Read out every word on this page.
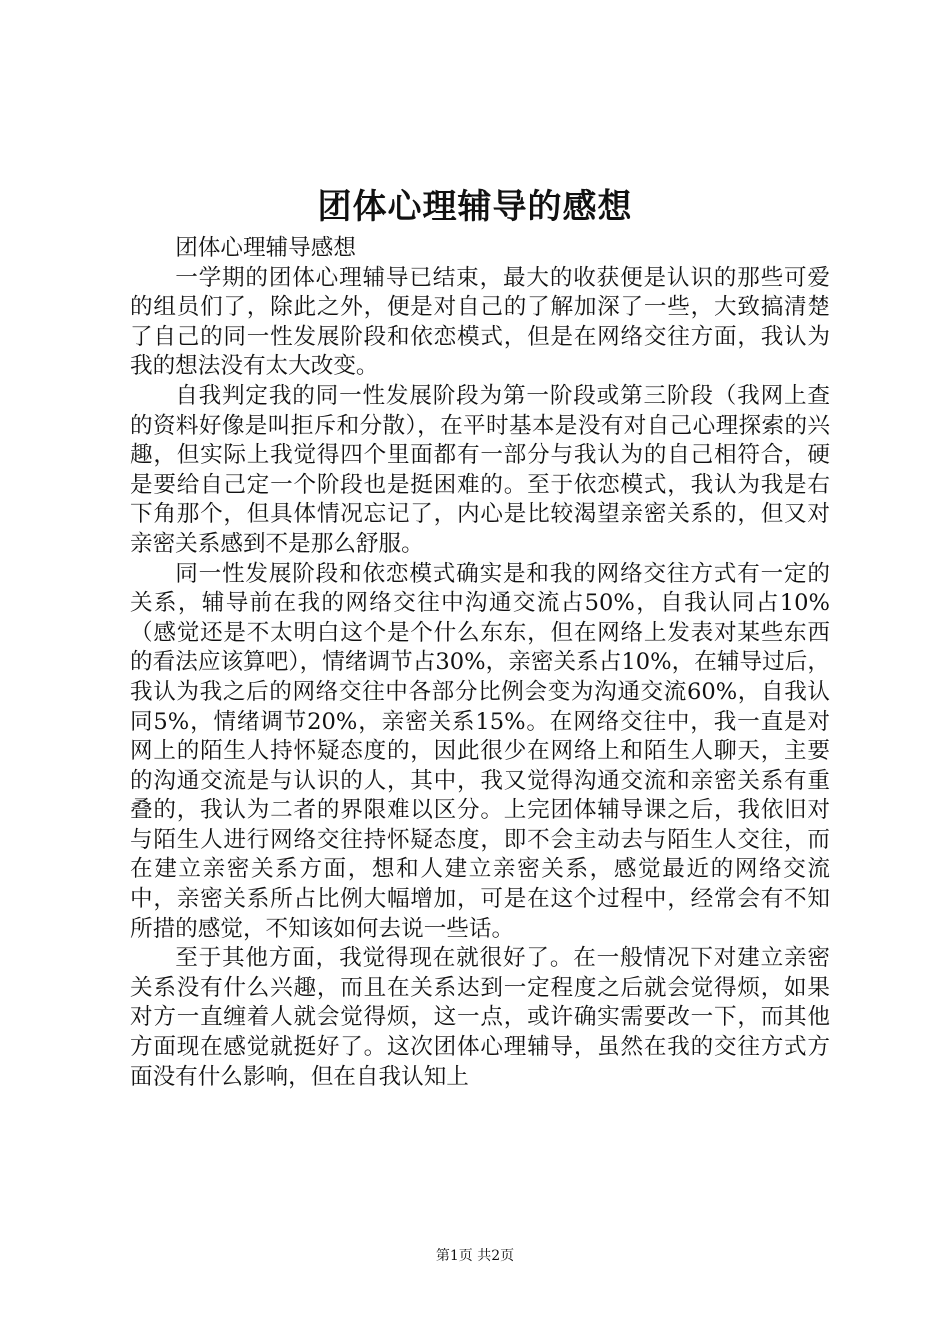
团体心理辅导的感想

团体心理辅导感想

一学期的团体心理辅导已结束，最大的收获便是认识的那些可爱的组员们了，除此之外，便是对自己的了解加深了一些，大致搞清楚了自己的同一性发展阶段和依恋模式，但是在网络交往方面，我认为我的想法没有太大改变。

自我判定我的同一性发展阶段为第一阶段或第三阶段（我网上查的资料好像是叫拒斥和分散），在平时基本是没有对自己心理探索的兴趣，但实际上我觉得四个里面都有一部分与我认为的自己相符合，硬是要给自己定一个阶段也是挺困难的。至于依恋模式，我认为我是右下角那个，但具体情况忘记了，内心是比较渴望亲密关系的，但又对亲密关系感到不是那么舒服。

同一性发展阶段和依恋模式确实是和我的网络交往方式有一定的关系，辅导前在我的网络交往中沟通交流占50%，自我认同占10%（感觉还是不太明白这个是个什么东东，但在网络上发表对某些东西的看法应该算吧），情绪调节占30%，亲密关系占10%，在辅导过后，我认为我之后的网络交往中各部分比例会变为沟通交流60%，自我认同5%，情绪调节20%，亲密关系15%。在网络交往中，我一直是对网上的陌生人持怀疑态度的，因此很少在网络上和陌生人聊天，主要的沟通交流是与认识的人，其中，我又觉得沟通交流和亲密关系有重叠的，我认为二者的界限难以区分。上完团体辅导课之后，我依旧对与陌生人进行网络交往持怀疑态度，即不会主动去与陌生人交往，而在建立亲密关系方面，想和人建立亲密关系，感觉最近的网络交流中，亲密关系所占比例大幅增加，可是在这个过程中，经常会有不知所措的感觉，不知该如何去说一些话。

至于其他方面，我觉得现在就很好了。在一般情况下对建立亲密关系没有什么兴趣，而且在关系达到一定程度之后就会觉得烦，如果对方一直缠着人就会觉得烦，这一点，或许确实需要改一下，而其他方面现在感觉就挺好了。这次团体心理辅导，虽然在我的交往方式方面没有什么影响，但在自我认知上

第1页 共2页
